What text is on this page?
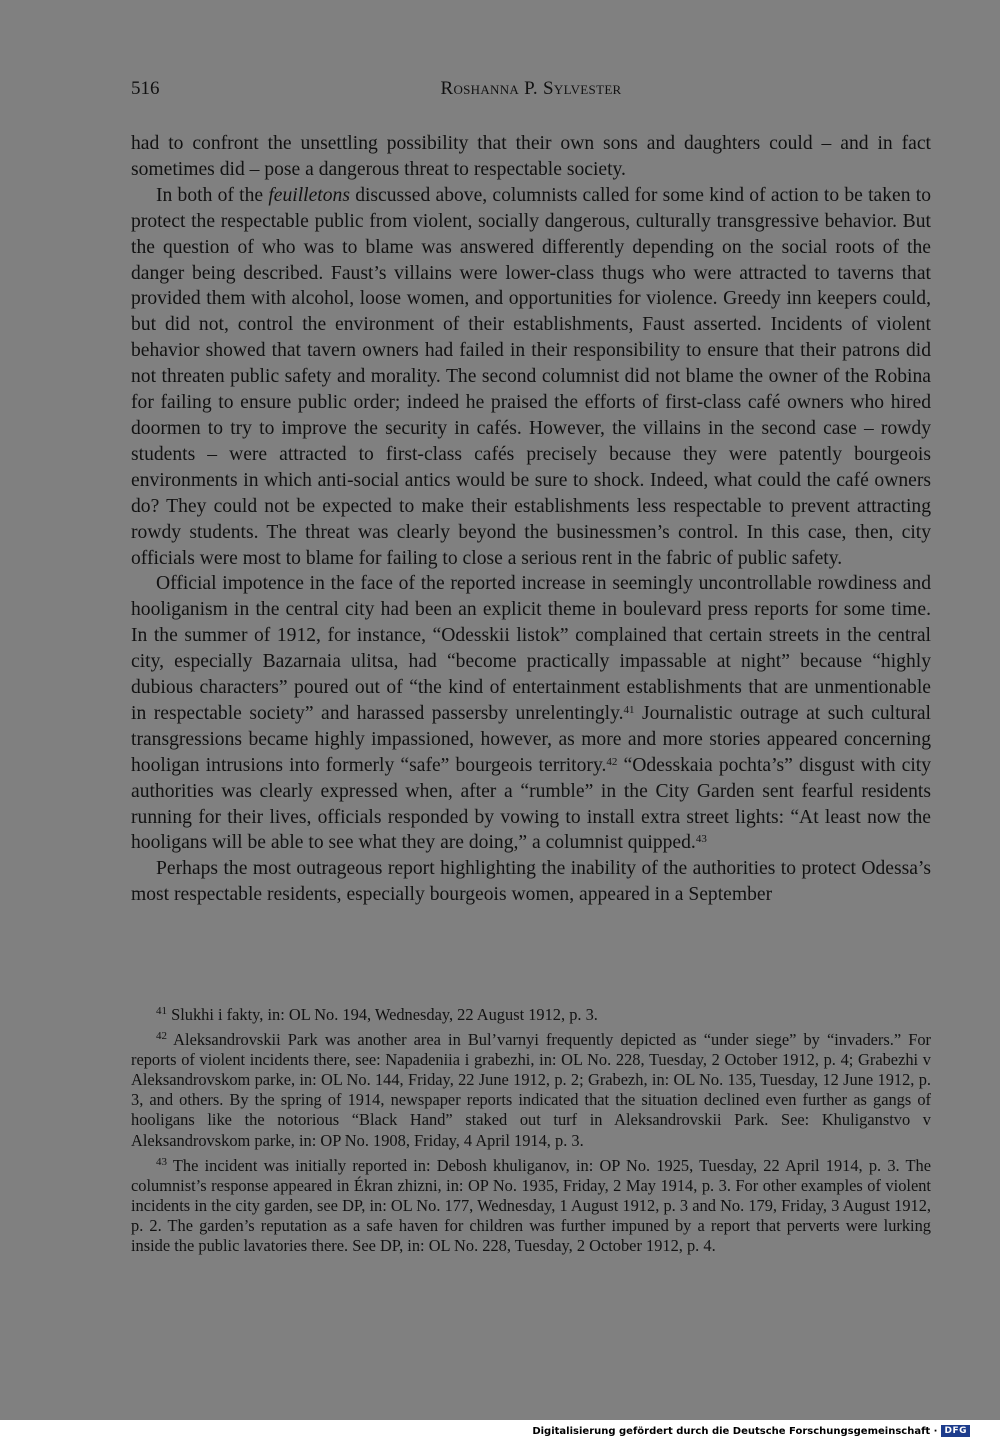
516	Roshanna P. Sylvester

had to confront the unsettling possibility that their own sons and daughters could – and in fact sometimes did – pose a dangerous threat to respectable society.

In both of the feuilletons discussed above, columnists called for some kind of action to be taken to protect the respectable public from violent, socially dangerous, culturally transgressive behavior. But the question of who was to blame was answered differently depending on the social roots of the danger being described. Faust’s villains were lower-class thugs who were attracted to taverns that provided them with alcohol, loose women, and opportunities for violence. Greedy inn keepers could, but did not, control the environment of their establishments, Faust asserted. Incidents of violent behavior showed that tavern owners had failed in their responsibility to ensure that their patrons did not threaten public safety and morality. The second columnist did not blame the owner of the Robina for failing to ensure public order; indeed he praised the efforts of first-class café owners who hired doormen to try to improve the security in cafés. However, the villains in the second case – rowdy students – were attracted to first-class cafés precisely because they were patently bourgeois environments in which anti-social antics would be sure to shock. Indeed, what could the café owners do? They could not be expected to make their establishments less respectable to prevent attracting rowdy students. The threat was clearly beyond the businessmen’s control. In this case, then, city officials were most to blame for failing to close a serious rent in the fabric of public safety.

Official impotence in the face of the reported increase in seemingly uncontrollable rowdiness and hooliganism in the central city had been an explicit theme in boulevard press reports for some time. In the summer of 1912, for instance, “Odesskii listok” complained that certain streets in the central city, especially Bazarnaia ulitsa, had “become practically impassable at night” because “highly dubious characters” poured out of “the kind of entertainment establishments that are unmentionable in respectable society” and harassed passersby unrelentingly.$^{41}$ Journalistic outrage at such cultural transgressions became highly impassioned, however, as more and more stories appeared concerning hooligan intrusions into formerly “safe” bourgeois territory.$^{42}$ “Odesskaia pochta’s” disgust with city authorities was clearly expressed when, after a “rumble” in the City Garden sent fearful residents running for their lives, officials responded by vowing to install extra street lights: “At least now the hooligans will be able to see what they are doing,” a columnist quipped.$^{43}$

Perhaps the most outrageous report highlighting the inability of the authorities to protect Odessa’s most respectable residents, especially bourgeois women, appeared in a September

$^{41}$ Slukhi i fakty, in: OL No. 194, Wednesday, 22 August 1912, p. 3.

$^{42}$ Aleksandrovskii Park was another area in Bul’varnyi frequently depicted as “under siege” by “invaders.” For reports of violent incidents there, see: Napadeniia i grabezhi, in: OL No. 228, Tuesday, 2 October 1912, p. 4; Grabezhi v Aleksandrovskom parke, in: OL No. 144, Friday, 22 June 1912, p. 2; Grabezh, in: OL No. 135, Tuesday, 12 June 1912, p. 3, and others. By the spring of 1914, newspaper reports indicated that the situation declined even further as gangs of hooligans like the notorious “Black Hand” staked out turf in Aleksandrovskii Park. See: Khuliganstvo v Aleksandrovskom parke, in: OP No. 1908, Friday, 4 April 1914, p. 3.

$^{43}$ The incident was initially reported in: Debosh khuliganov, in: OP No. 1925, Tuesday, 22 April 1914, p. 3. The columnist’s response appeared in Ékran zhizni, in: OP No. 1935, Friday, 2 May 1914, p. 3. For other examples of violent incidents in the city garden, see DP, in: OL No. 177, Wednesday, 1 August 1912, p. 3 and No. 179, Friday, 3 August 1912, p. 2. The garden’s reputation as a safe haven for children was further impuned by a report that perverts were lurking inside the public lavatories there. See DP, in: OL No. 228, Tuesday, 2 October 1912, p. 4.

Digitalisierung gefördert durch die Deutsche Forschungsgemeinschaft · DFG
